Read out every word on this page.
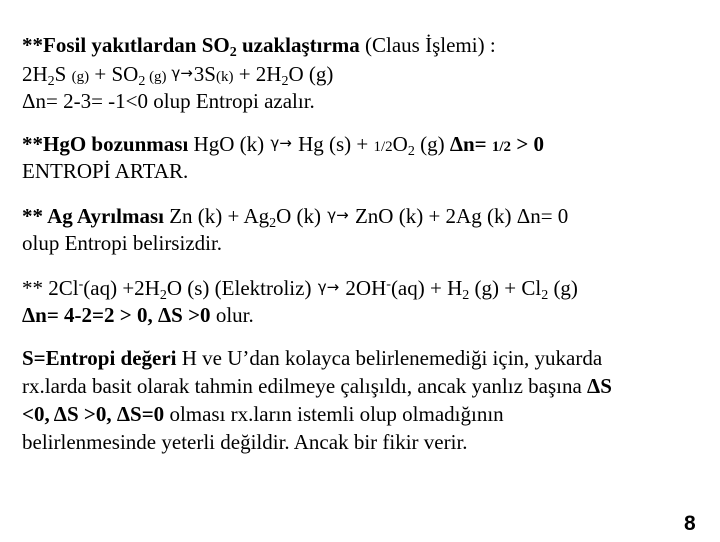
**Fosil yakıtlardan $SO_2$ uzaklaştırma (Claus İşlemi) :
$2H_2S$ $(g) + SO_2$ (g) $\gamma\to 3S(k) + 2H_2O$ (g)
Δn= 2-3= -1<0 olup Entropi azalır.
**HgO bozunması HgO (k) γ→ Hg $(s) + 1/2O_2$ (g) Δn= 1/2 > 0
ENTROPİ ARTAR.
** Ag Ayrılması Zn $(k) + Ag_2O$ (k) γ→ ZnO (k) + 2Ag (k) Δn= 0
olup Entropi belirsizdir.
** $2Cl^-(aq) +2H_2O$ (s) (Elektroliz) $\gamma\to 2OH^-(aq) + H_2$ $(g) + Cl_2$ (g)
Δn= 4-2=2 > 0, ΔS >0 olur.
S=Entropi değeri H ve U’dan kolayca belirlenemediği için, yukarda
rx.larda basit olarak tahmin edilmeye çalışıldı, ancak yanlız başına ΔS
<0, ΔS >0, ΔS=0 olması rx.ların istemli olup olmadığının
belirlenmesinde yeterli değildir. Ancak bir fikir verir.
8
